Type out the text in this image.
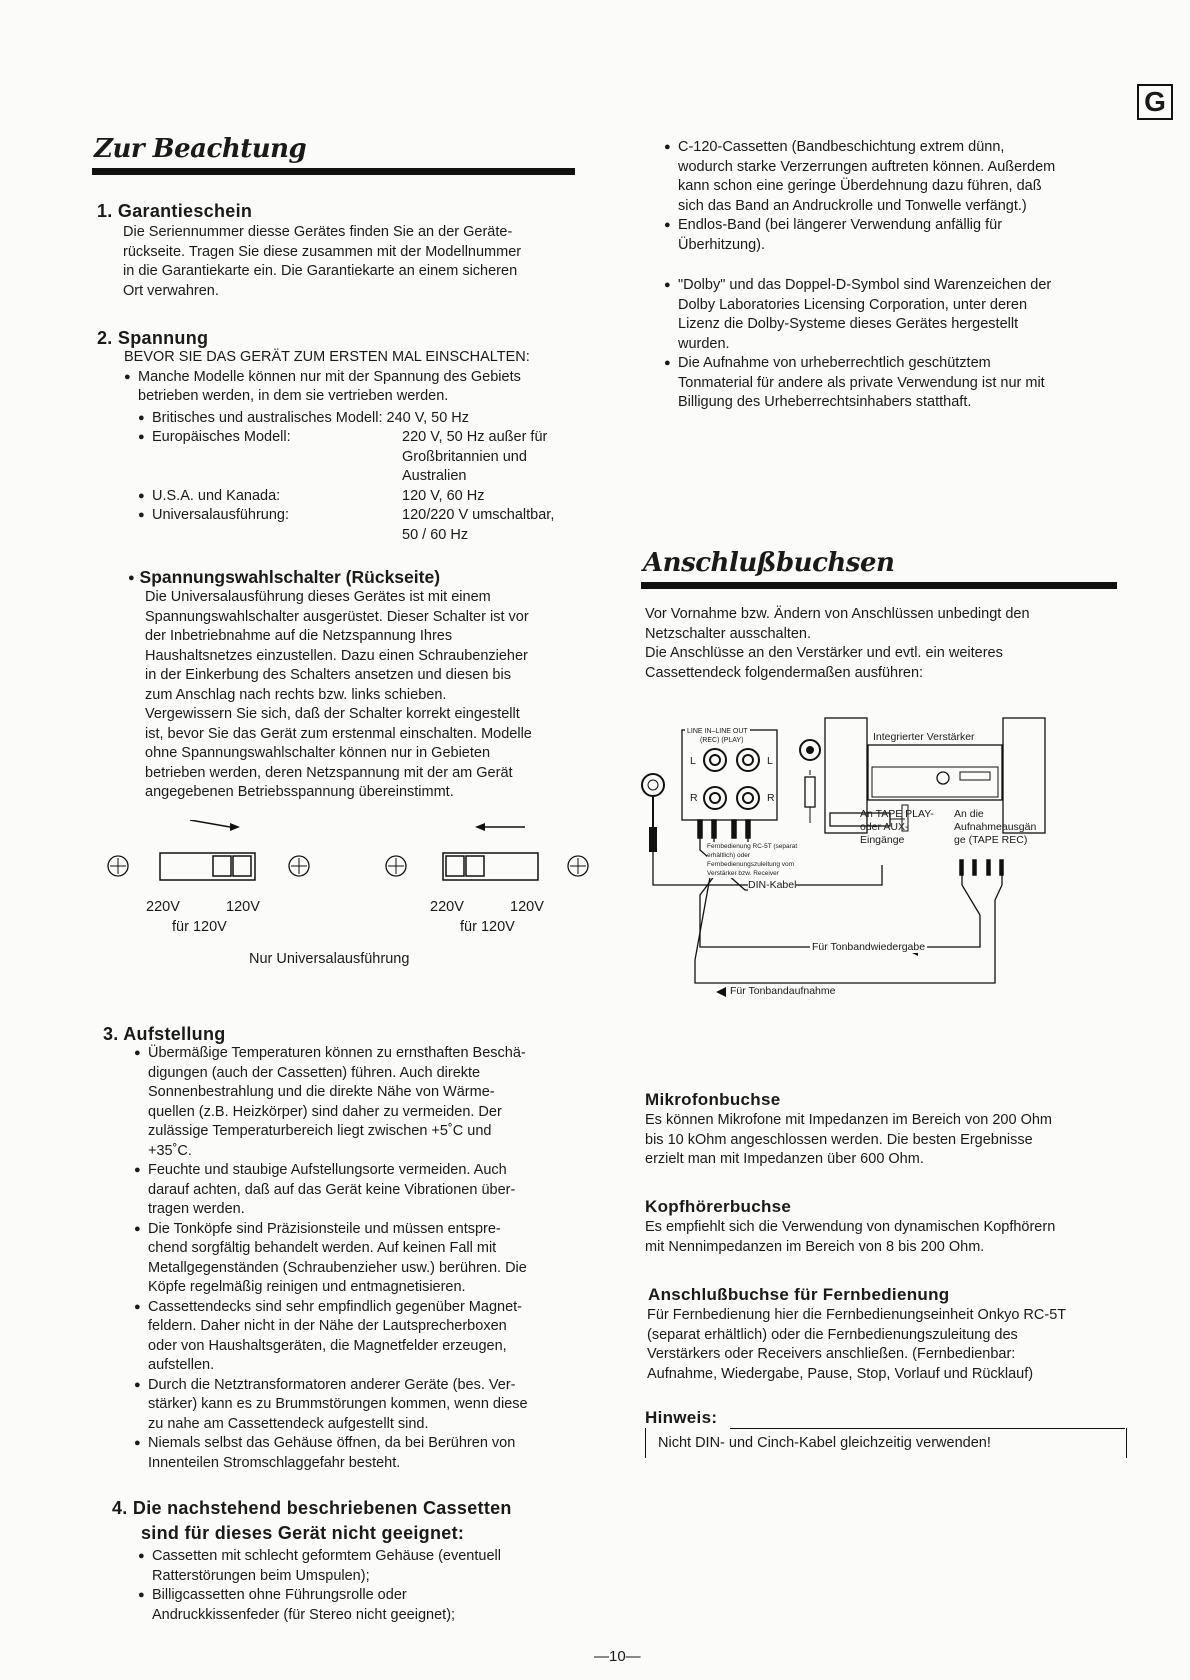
G
Zur Beachtung
1. Garantieschein
Die Seriennummer diesse Gerätes finden Sie an der Geräte-
rückseite. Tragen Sie diese zusammen mit der Modellnummer
in die Garantiekarte ein. Die Garantiekarte an einem sicheren
Ort verwahren.
2. Spannung
BEVOR SIE DAS GERÄT ZUM ERSTEN MAL EINSCHALTEN:
● Manche Modelle können nur mit der Spannung des Gebiets
betrieben werden, in dem sie vertrieben werden.
● Britisches und australisches Modell: 240 V, 50 Hz
● Europäisches Modell:	220 V, 50 Hz außer für
Großbritannien und
Australien
● U.S.A. und Kanada:	120 V, 60 Hz
● Universalausführung:	120/220 V umschaltbar,
50 / 60 Hz
● Spannungswahlschalter (Rückseite)
Die Universalausführung dieses Gerätes ist mit einem
Spannungswahlschalter ausgerüstet. Dieser Schalter ist vor
der Inbetriebnahme auf die Netzspannung Ihres
Haushaltsnetzes einzustellen. Dazu einen Schraubenzieher
in der Einkerbung des Schalters ansetzen und diesen bis
zum Anschlag nach rechts bzw. links schieben.
Vergewissern Sie sich, daß der Schalter korrekt eingestellt
ist, bevor Sie das Gerät zum erstenmal einschalten. Modelle
ohne Spannungswahlschalter können nur in Gebieten
betrieben werden, deren Netzspannung mit der am Gerät
angegebenen Betriebsspannung übereinstimmt.
220V	120V
für 120V
220V	120V
für 120V
Nur Universalausführung
3. Aufstellung
● Übermäßige Temperaturen können zu ernsthaften Beschä-
digungen (auch der Cassetten) führen. Auch direkte
Sonnenbestrahlung und die direkte Nähe von Wärme-
quellen (z.B. Heizkörper) sind daher zu vermeiden. Der
zulässige Temperaturbereich liegt zwischen +5˚C und
+35˚C.
● Feuchte und staubige Aufstellungsorte vermeiden. Auch
darauf achten, daß auf das Gerät keine Vibrationen über-
tragen werden.
● Die Tonköpfe sind Präzisionsteile und müssen entspre-
chend sorgfältig behandelt werden. Auf keinen Fall mit
Metallgegenständen (Schraubenzieher usw.) berühren. Die
Köpfe regelmäßig reinigen und entmagnetisieren.
● Cassettendecks sind sehr empfindlich gegenüber Magnet-
feldern. Daher nicht in der Nähe der Lautsprecherboxen
oder von Haushaltsgeräten, die Magnetfelder erzeugen,
aufstellen.
● Durch die Netztransformatoren anderer Geräte (bes. Ver-
stärker) kann es zu Brummstörungen kommen, wenn diese
zu nahe am Cassettendeck aufgestellt sind.
● Niemals selbst das Gehäuse öffnen, da bei Berühren von
Innenteilen Stromschlaggefahr besteht.
4. Die nachstehend beschriebenen Cassetten
sind für dieses Gerät nicht geeignet:
● Cassetten mit schlecht geformtem Gehäuse (eventuell
Ratterstörungen beim Umspulen);
● Billigcassetten ohne Führungsrolle oder
Andruckkissenfeder (für Stereo nicht geeignet);
● C-120-Cassetten (Bandbeschichtung extrem dünn,
wodurch starke Verzerrungen auftreten können. Außerdem
kann schon eine geringe Überdehnung dazu führen, daß
sich das Band an Andruckrolle und Tonwelle verfängt.)
● Endlos-Band (bei längerer Verwendung anfällig für
Überhitzung).
● "Dolby" und das Doppel-D-Symbol sind Warenzeichen der
Dolby Laboratories Licensing Corporation, unter deren
Lizenz die Dolby-Systeme dieses Gerätes hergestellt
wurden.
● Die Aufnahme von urheberrechtlich geschütztem
Tonmaterial für andere als private Verwendung ist nur mit
Billigung des Urheberrechtsinhabers statthaft.
Anschlußbuchsen
Vor Vornahme bzw. Ändern von Anschlüssen unbedingt den
Netzschalter ausschalten.
Die Anschlüsse an den Verstärker und evtl. ein weiteres
Cassettendeck folgendermaßen ausführen:
LINE IN–LINE OUT
(REC) (PLAY)
L	L
R	R
Integrierter Verstärker
An TAPE PLAY-
oder AUX-
Eingänge
An die
Aufnahmeausgän
ge (TAPE REC)
Fernbedienung RC-5T (separat
erhältlich) oder
Fernbedienungszuleitung vom
Verstärker bzw. Receiver
DIN-Kabel
Für Tonbandwiedergabe
Für Tonbandaufnahme
Mikrofonbuchse
Es können Mikrofone mit Impedanzen im Bereich von 200 Ohm
bis 10 kOhm angeschlossen werden. Die besten Ergebnisse
erzielt man mit Impedanzen über 600 Ohm.
Kopfhörerbuchse
Es empfiehlt sich die Verwendung von dynamischen Kopfhörern
mit Nennimpedanzen im Bereich von 8 bis 200 Ohm.
Anschlußbuchse für Fernbedienung
Für Fernbedienung hier die Fernbedienungseinheit Onkyo RC-5T
(separat erhältlich) oder die Fernbedienungszuleitung des
Verstärkers oder Receivers anschließen. (Fernbedienbar:
Aufnahme, Wiedergabe, Pause, Stop, Vorlauf und Rücklauf)
Hinweis:
Nicht DIN- und Cinch-Kabel gleichzeitig verwenden!
—10—
